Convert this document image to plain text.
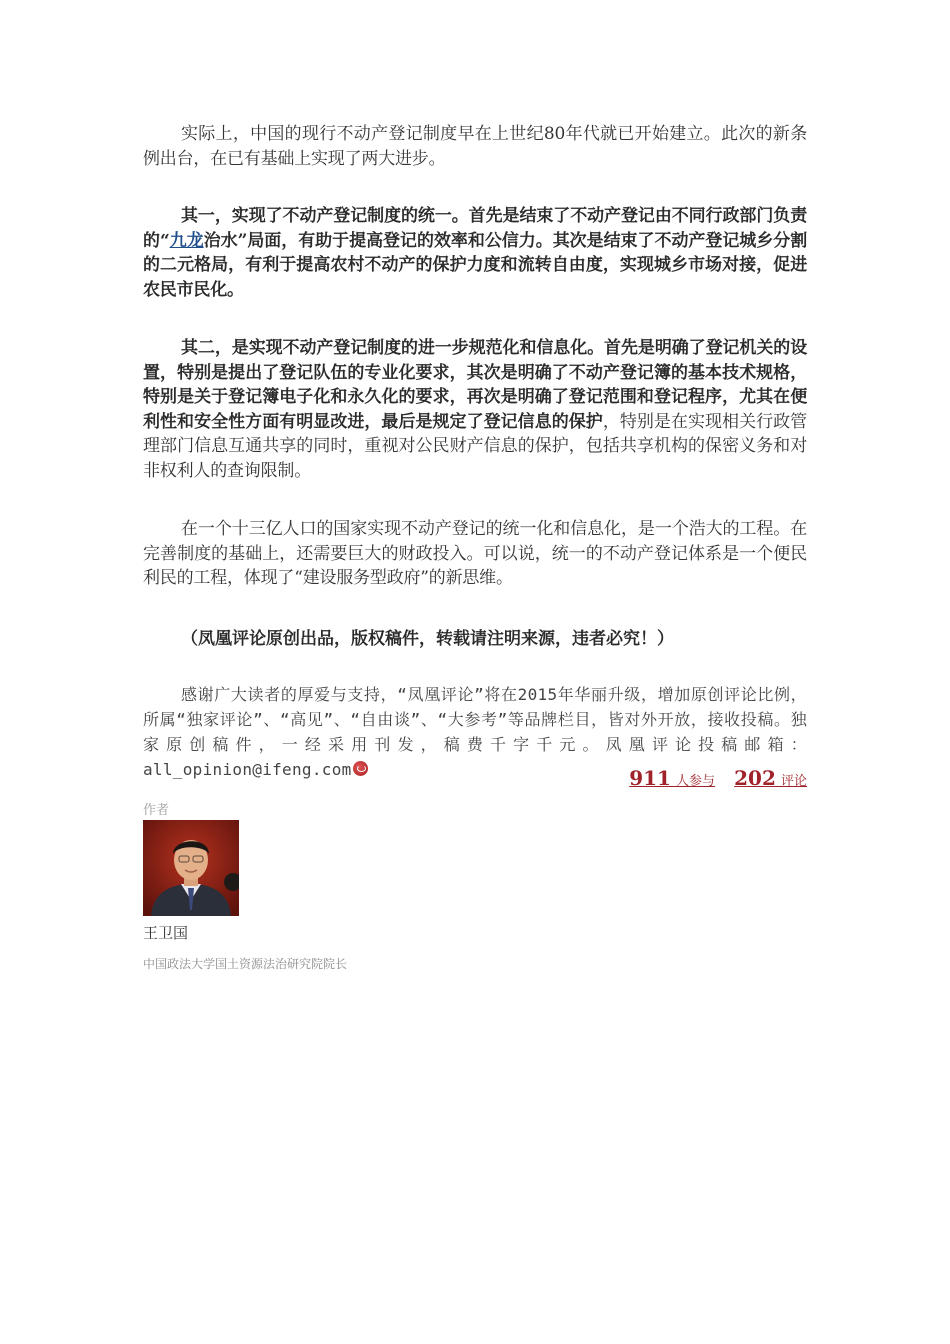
实际上，中国的现行不动产登记制度早在上世纪80年代就已开始建立。此次的新条例出台，在已有基础上实现了两大进步。

其一，实现了不动产登记制度的统一。首先是结束了不动产登记由不同行政部门负责的“九龙治水”局面，有助于提高登记的效率和公信力。其次是结束了不动产登记城乡分割的二元格局，有利于提高农村不动产的保护力度和流转自由度，实现城乡市场对接，促进农民市民化。

其二，是实现不动产登记制度的进一步规范化和信息化。首先是明确了登记机关的设置，特别是提出了登记队伍的专业化要求，其次是明确了不动产登记簿的基本技术规格，特别是关于登记簿电子化和永久化的要求，再次是明确了登记范围和登记程序，尤其在便利性和安全性方面有明显改进，最后是规定了登记信息的保护，特别是在实现相关行政管理部门信息互通共享的同时，重视对公民财产信息的保护，包括共享机构的保密义务和对非权利人的查询限制。

在一个十三亿人口的国家实现不动产登记的统一化和信息化，是一个浩大的工程。在完善制度的基础上，还需要巨大的财政投入。可以说，统一的不动产登记体系是一个便民利民的工程，体现了“建设服务型政府”的新思维。

（凤凰评论原创出品，版权稿件，转载请注明来源，违者必究！）

感谢广大读者的厚爱与支持，“凤凰评论”将在2015年华丽升级，增加原创评论比例，所属“独家评论”、“高见”、“自由谈”、“大参考”等品牌栏目，皆对外开放，接收投稿。独家原创稿件，一经采用刊发，稿费千字千元。凤凰评论投稿邮箱：all_opinion@ifeng.com	911 人参与 202 评论
作者
王卫国
中国政法大学国土资源法治研究院院长
